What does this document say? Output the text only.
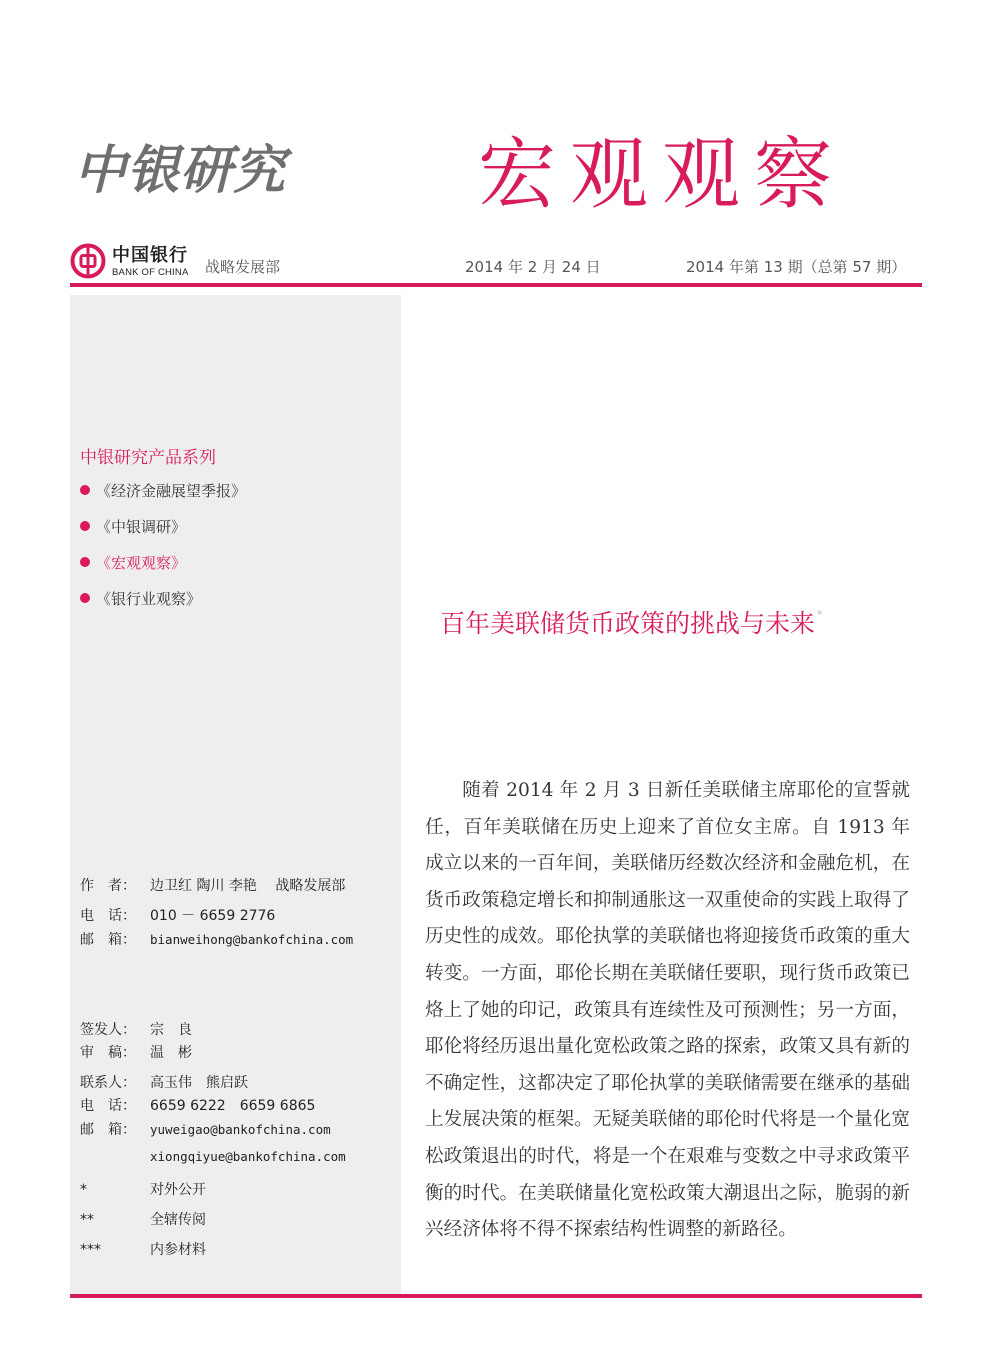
中银研究 宏观观察
中国银行
BANK OF CHINA 战略发展部	2014 年 2 月 24 日	2014 年第 13 期（总第 57 期）
中银研究产品系列
《经济金融展望季报》
《中银调研》
《宏观观察》
《银行业观察》
作　者： 边卫红 陶川 李艳　 战略发展部
电　话： 010 － 6659 2776
邮　箱： bianweihong@bankofchina.com
签发人： 宗　良
审　稿： 温　彬
联系人： 高玉伟　熊启跃
电　话： 6659 6222　6659 6865
邮　箱： yuweigao@bankofchina.com
xiongqiyue@bankofchina.com
*	对外公开
**	全辖传阅
***	内参材料
百年美联储货币政策的挑战与未来 *

随着 2014 年 2 月 3 日新任美联储主席耶伦的宣誓就任，百年美联储在历史上迎来了首位女主席。自 1913 年成立以来的一百年间，美联储历经数次经济和金融危机，在货币政策稳定增长和抑制通胀这一双重使命的实践上取得了历史性的成效。耶伦执掌的美联储也将迎接货币政策的重大转变。一方面，耶伦长期在美联储任要职，现行货币政策已烙上了她的印记，政策具有连续性及可预测性；另一方面，耶伦将经历退出量化宽松政策之路的探索，政策又具有新的不确定性，这都决定了耶伦执掌的美联储需要在继承的基础上发展决策的框架。无疑美联储的耶伦时代将是一个量化宽松政策退出的时代，将是一个在艰难与变数之中寻求政策平衡的时代。在美联储量化宽松政策大潮退出之际，脆弱的新兴经济体将不得不探索结构性调整的新路径。
